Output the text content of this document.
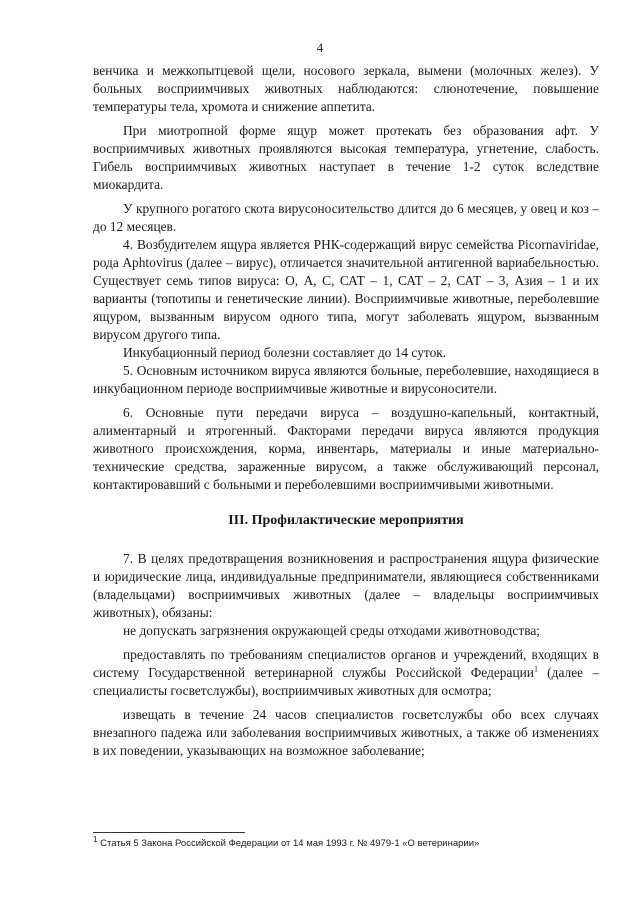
4

венчика и межкопытцевой щели, носового зеркала, вымени (молочных желез). У больных восприимчивых животных наблюдаются: слюнотечение, повышение температуры тела, хромота и снижение аппетита.

При миотропной форме ящур может протекать без образования афт. У восприимчивых животных проявляются высокая температура, угнетение, слабость. Гибель восприимчивых животных наступает в течение 1-2 суток вследствие миокардита.

У крупного рогатого скота вирусоносительство длится до 6 месяцев, у овец и коз – до 12 месяцев.

4. Возбудителем ящура является РНК-содержащий вирус семейства Picornaviridae, рода Aphtovirus (далее – вирус), отличается значительной антигенной вариабельностью. Существует семь типов вируса: О, А, С, САТ – 1, САТ – 2, САТ – 3, Азия – 1 и их варианты (топотипы и генетические линии). Восприимчивые животные, переболевшие ящуром, вызванным вирусом одного типа, могут заболевать ящуром, вызванным вирусом другого типа.

Инкубационный период болезни составляет до 14 суток.

5. Основным источником вируса являются больные, переболевшие, находящиеся в инкубационном периоде восприимчивые животные и вирусоносители.

6. Основные пути передачи вируса – воздушно-капельный, контактный, алиментарный и ятрогенный. Факторами передачи вируса являются продукция животного происхождения, корма, инвентарь, материалы и иные материально-технические средства, зараженные вирусом, а также обслуживающий персонал, контактировавший с больными и переболевшими восприимчивыми животными.

III. Профилактические мероприятия

7. В целях предотвращения возникновения и распространения ящура физические и юридические лица, индивидуальные предприниматели, являющиеся собственниками (владельцами) восприимчивых животных (далее – владельцы восприимчивых животных), обязаны:

не допускать загрязнения окружающей среды отходами животноводства;

предоставлять по требованиям специалистов органов и учреждений, входящих в систему Государственной ветеринарной службы Российской Федерации$^1$ (далее – специалисты госветслужбы), восприимчивых животных для осмотра;

извещать в течение 24 часов специалистов госветслужбы обо всех случаях внезапного падежа или заболевания восприимчивых животных, а также об изменениях в их поведении, указывающих на возможное заболевание;

$^1$ Статья 5 Закона Российской Федерации от 14 мая 1993 г. № 4979-1 «О ветеринарии»
